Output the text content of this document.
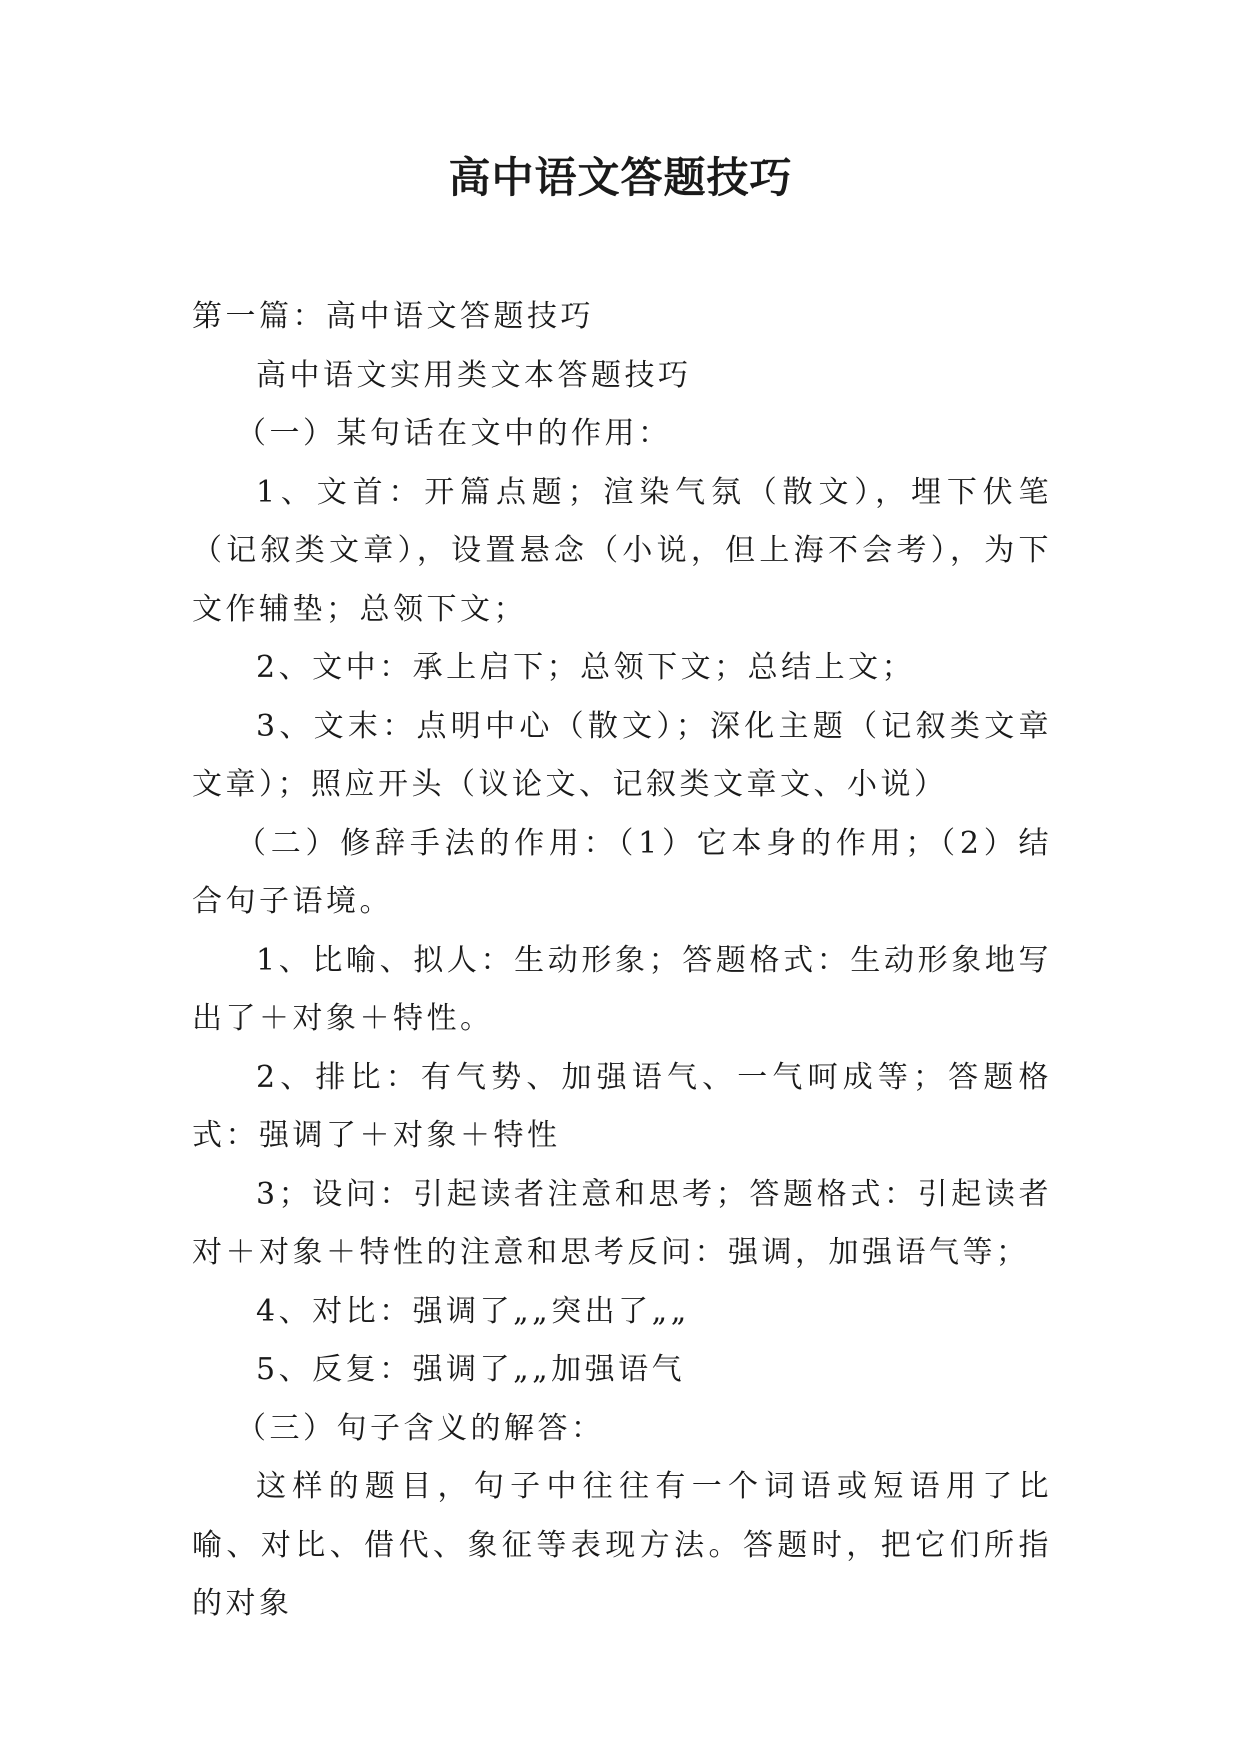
高中语文答题技巧

第一篇：高中语文答题技巧

高中语文实用类文本答题技巧

（一）某句话在文中的作用：

1、文首：开篇点题；渲染气氛（散文），埋下伏笔（记叙类文章），设置悬念（小说，但上海不会考），为下文作辅垫；总领下文；

2、文中：承上启下；总领下文；总结上文；

3、文末：点明中心（散文）；深化主题（记叙类文章文章）；照应开头（议论文、记叙类文章文、小说）

（二）修辞手法的作用：（1）它本身的作用；（2）结合句子语境。

1、比喻、拟人：生动形象；答题格式：生动形象地写出了＋对象＋特性。

2、排比：有气势、加强语气、一气呵成等；答题格式：强调了＋对象＋特性

3；设问：引起读者注意和思考；答题格式：引起读者对＋对象＋特性的注意和思考反问：强调，加强语气等；

4、对比：强调了„„突出了„„

5、反复：强调了„„加强语气

（三）句子含义的解答：

这样的题目，句子中往往有一个词语或短语用了比喻、对比、借代、象征等表现方法。答题时，把它们所指的对象
